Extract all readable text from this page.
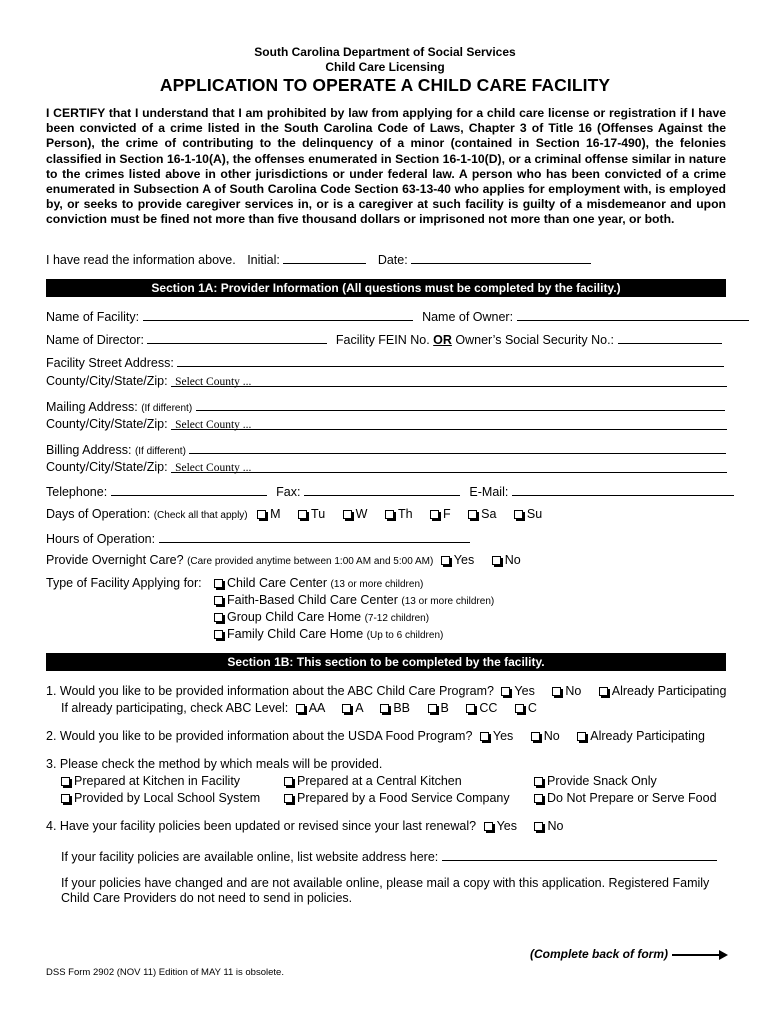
South Carolina Department of Social Services
Child Care Licensing
APPLICATION TO OPERATE A CHILD CARE FACILITY
I CERTIFY that I understand that I am prohibited by law from applying for a child care license or registration if I have been convicted of a crime listed in the South Carolina Code of Laws, Chapter 3 of Title 16 (Offenses Against the Person), the crime of contributing to the delinquency of a minor (contained in Section 16-17-490), the felonies classified in Section 16-1-10(A), the offenses enumerated in Section 16-1-10(D), or a criminal offense similar in nature to the crimes listed above in other jurisdictions or under federal law. A person who has been convicted of a crime enumerated in Subsection A of South Carolina Code Section 63-13-40 who applies for employment with, is employed by, or seeks to provide caregiver services in, or is a caregiver at such facility is guilty of a misdemeanor and upon conviction must be fined not more than five thousand dollars or imprisoned not more than one year, or both.
I have read the information above. Initial:	Date:
Section 1A: Provider Information (All questions must be completed by the facility.)
Name of Facility:	Name of Owner:
Name of Director:	Facility FEIN No. OR Owner’s Social Security No.:
Facility Street Address:
County/City/State/Zip: Select County ...
Mailing Address: (If different)
County/City/State/Zip: Select County ...
Billing Address: (If different)
County/City/State/Zip: Select County ...
Telephone:	Fax:	E-Mail:
Days of Operation: (Check all that apply) M Tu W Th F Sa Su
Hours of Operation:
Provide Overnight Care? (Care provided anytime between 1:00 AM and 5:00 AM) Yes No
Type of Facility Applying for:	Child Care Center (13 or more children)
Faith-Based Child Care Center (13 or more children)
Group Child Care Home (7-12 children)
Family Child Care Home (Up to 6 children)
Section 1B: This section to be completed by the facility.
1. Would you like to be provided information about the ABC Child Care Program? Yes No Already Participating
If already participating, check ABC Level: AA A BB B CC C
2. Would you like to be provided information about the USDA Food Program? Yes No Already Participating
3. Please check the method by which meals will be provided.
Prepared at Kitchen in Facility	Prepared at a Central Kitchen	Provide Snack Only
Provided by Local School System	Prepared by a Food Service Company	Do Not Prepare or Serve Food
4. Have your facility policies been updated or revised since your last renewal? Yes No
If your facility policies are available online, list website address here:
If your policies have changed and are not available online, please mail a copy with this application. Registered Family Child Care Providers do not need to send in policies.
(Complete back of form)
DSS Form 2902 (NOV 11) Edition of MAY 11 is obsolete.
